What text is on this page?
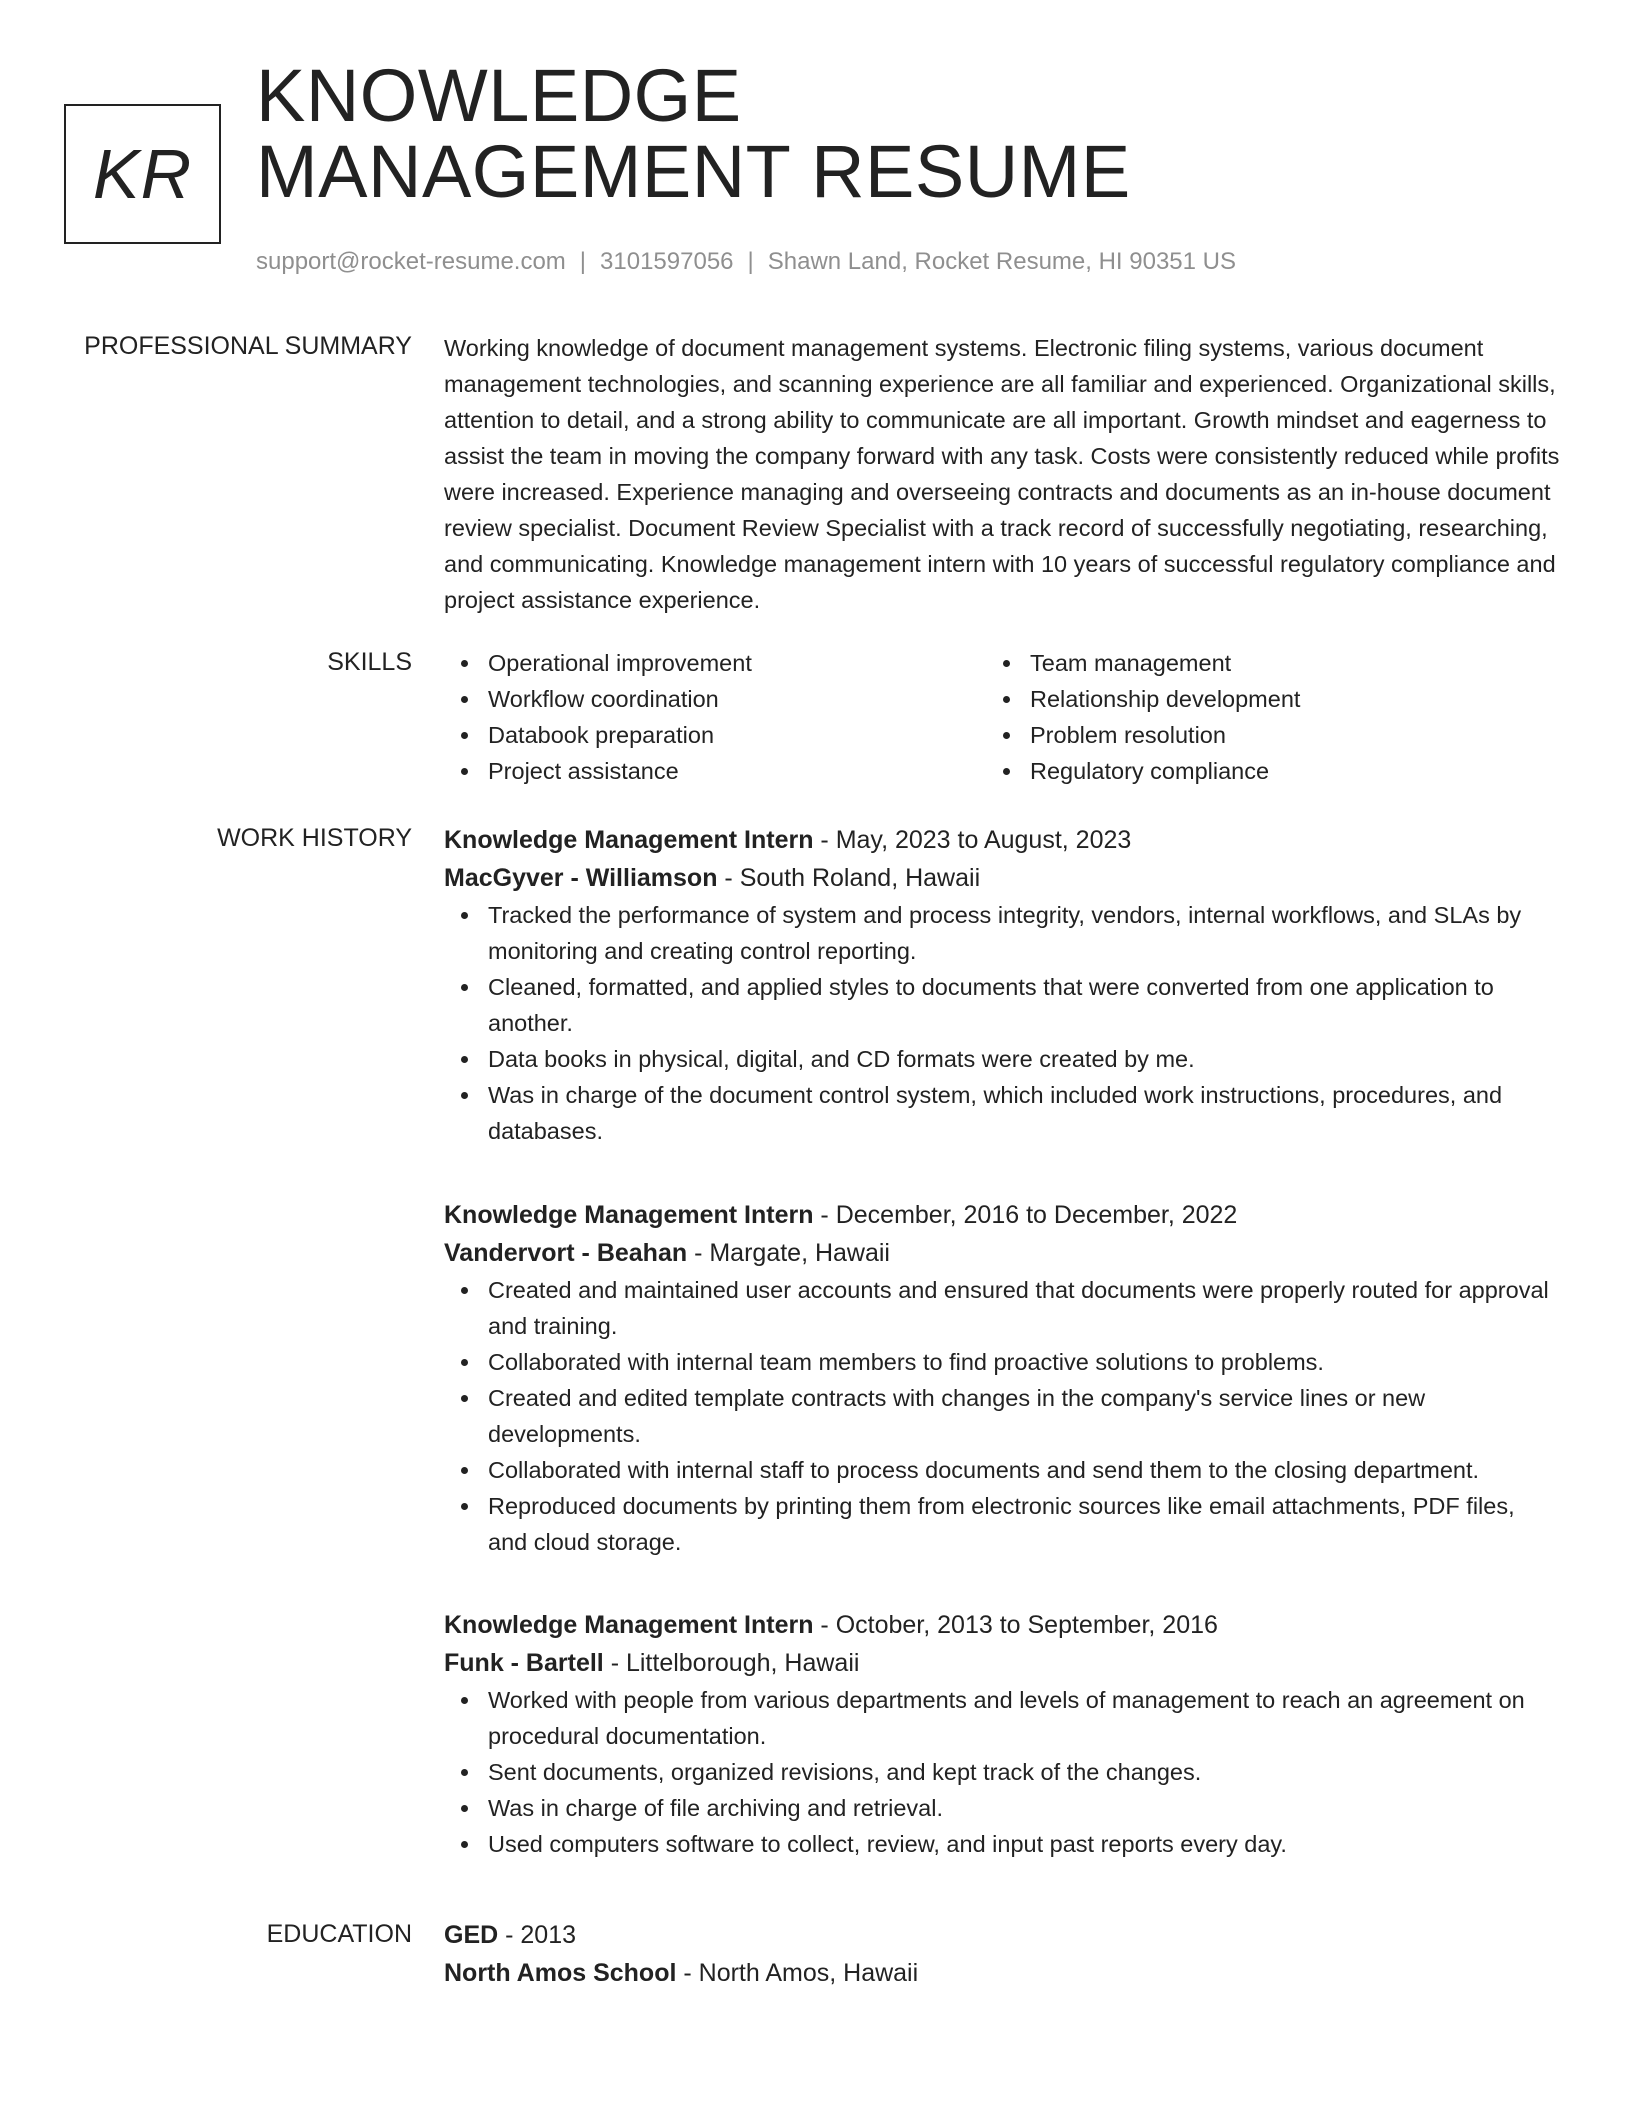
KR
KNOWLEDGE
MANAGEMENT RESUME
support@rocket-resume.com | 3101597056 | Shawn Land, Rocket Resume, HI 90351 US
PROFESSIONAL SUMMARY Working knowledge of document management systems. Electronic filing systems, various document management technologies, and scanning experience are all familiar and experienced. Organizational skills, attention to detail, and a strong ability to communicate are all important. Growth mindset and eagerness to assist the team in moving the company forward with any task. Costs were consistently reduced while profits were increased. Experience managing and overseeing contracts and documents as an in-house document review specialist. Document Review Specialist with a track record of successfully negotiating, researching, and communicating. Knowledge management intern with 10 years of successful regulatory compliance and project assistance experience.

SKILLS	Operational improvement
Workflow coordination
Databook preparation
Project assistance
Team management
Relationship development
Problem resolution
Regulatory compliance
WORK HISTORY Knowledge Management Intern - May, 2023 to August, 2023
MacGyver - Williamson - South Roland, Hawaii
Tracked the performance of system and process integrity, vendors, internal workflows, and SLAs by monitoring and creating control reporting.
Cleaned, formatted, and applied styles to documents that were converted from one application to another.
Data books in physical, digital, and CD formats were created by me.
Was in charge of the document control system, which included work instructions, procedures, and databases.
Knowledge Management Intern - December, 2016 to December, 2022
Vandervort - Beahan - Margate, Hawaii
Created and maintained user accounts and ensured that documents were properly routed for approval and training.
Collaborated with internal team members to find proactive solutions to problems.
Created and edited template contracts with changes in the company's service lines or new developments.
Collaborated with internal staff to process documents and send them to the closing department.
Reproduced documents by printing them from electronic sources like email attachments, PDF files, and cloud storage.
Knowledge Management Intern - October, 2013 to September, 2016
Funk - Bartell - Littelborough, Hawaii
Worked with people from various departments and levels of management to reach an agreement on procedural documentation.
Sent documents, organized revisions, and kept track of the changes.
Was in charge of file archiving and retrieval.
Used computers software to collect, review, and input past reports every day.
EDUCATION GED - 2013
North Amos School - North Amos, Hawaii
